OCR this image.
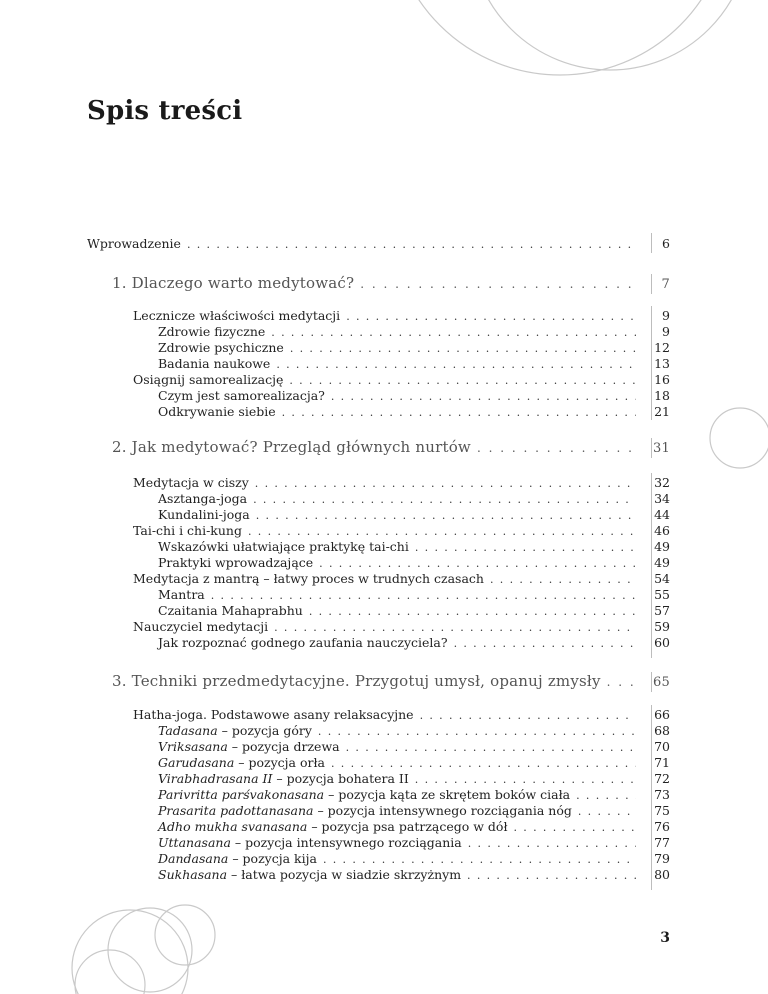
Spis treści
Wprowadzenie . . .	6
1. Dlaczego warto medytować? . . .	7
Lecznicze właściwości medytacji . . .	9
Zdrowie fizyczne . . .	9
Zdrowie psychiczne . . .	12
Badania naukowe . . .	13
Osiągnij samorealizację . . .	16
Czym jest samorealizacja? . . .	18
Odkrywanie siebie . . .	21
2. Jak medytować? Przegląd głównych nurtów . . .	31
Medytacja w ciszy . . .	32
Asztanga-joga . . .	34
Kundalini-joga . . .	44
Tai-chi i chi-kung . . .	46
Wskazówki ułatwiające praktykę tai-chi . . .	49
Praktyki wprowadzające . . .	49
Medytacja z mantrą – łatwy proces w trudnych czasach . . .	54
Mantra . . .	55
Czaitania Mahaprabhu . . .	57
Nauczyciel medytacji . . .	59
Jak rozpoznać godnego zaufania nauczyciela? . . .	60
3. Techniki przedmedytacyjne. Przygotuj umysł, opanuj zmysły . . .	65
Hatha-joga. Podstawowe asany relaksacyjne . . .	66
Tadasana – pozycja góry . . .	68
Vriksasana – pozycja drzewa . . .	70
Garudasana – pozycja orła . . .	71
Virabhadrasana II – pozycja bohatera II . . .	72
Parivritta parśvakonasana – pozycja kąta ze skrętem boków ciała . . .	73
Prasarita padottanasana – pozycja intensywnego rozciągania nóg . . .	75
Adho mukha svanasana – pozycja psa patrzącego w dół . . .	76
Uttanasana – pozycja intensywnego rozciągania . . .	77
Dandasana – pozycja kija . . .	79
Sukhasana – łatwa pozycja w siadzie skrzyżnym . . .	80
3
